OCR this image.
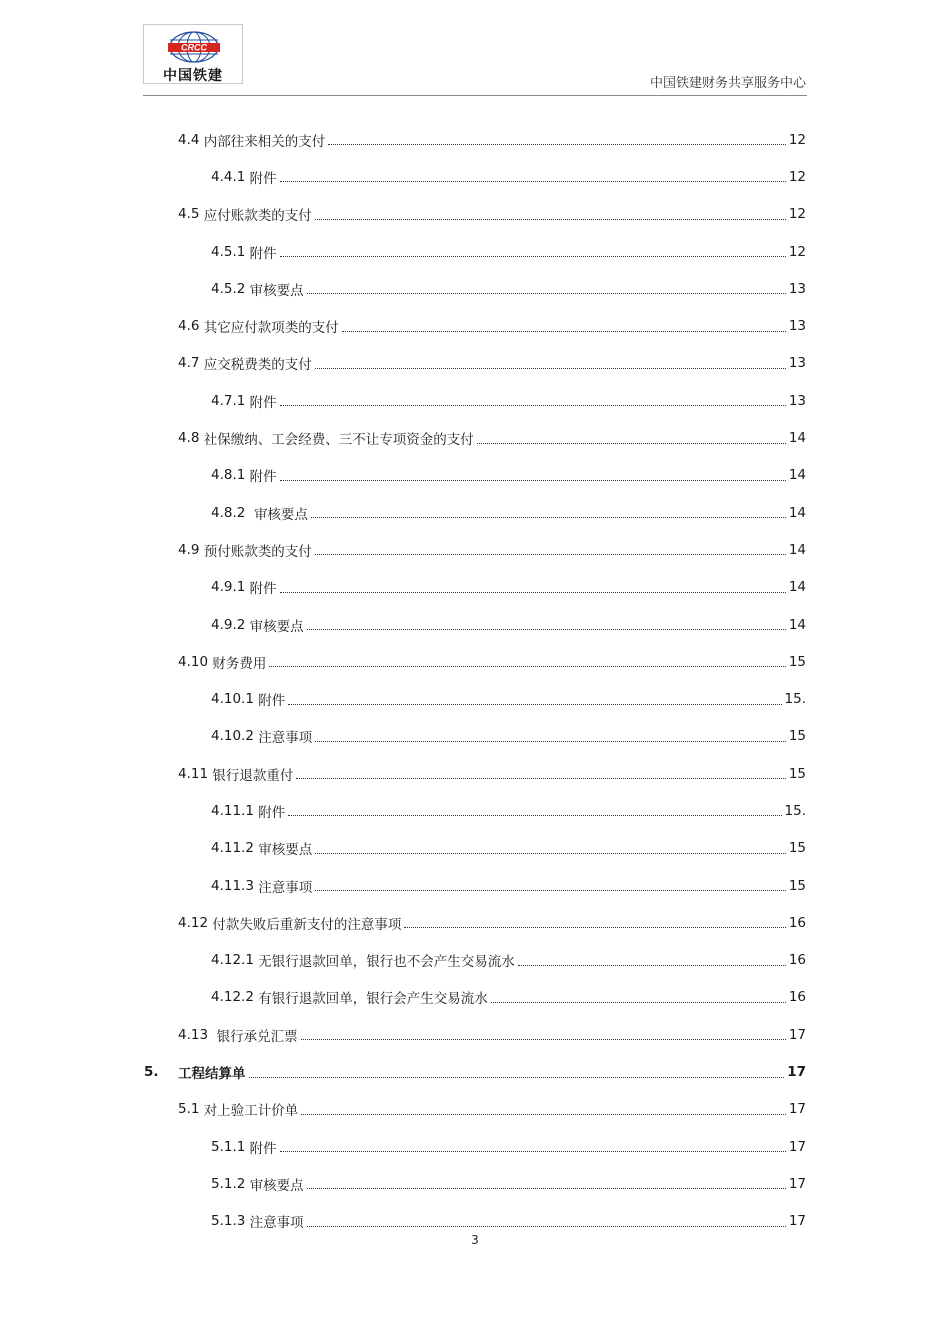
CRCC
中国铁建	中国铁建财务共享服务中心
4.4 内部往来相关的支付	12
4.4.1 附件	12
4.5 应付账款类的支付	12
4.5.1 附件	12
4.5.2 审核要点	13
4.6 其它应付款项类的支付	13
4.7 应交税费类的支付	13
4.7.1 附件	13
4.8 社保缴纳、工会经费、三不让专项资金的支付	14
4.8.1 附件	14
4.8.2 审核要点	14
4.9 预付账款类的支付	14
4.9.1 附件	14
4.9.2 审核要点	14
4.10 财务费用	15
4.10.1 附件	15.
4.10.2 注意事项	15
4.11 银行退款重付	15
4.11.1 附件	15.
4.11.2 审核要点	15
4.11.3 注意事项	15
4.12 付款失败后重新支付的注意事项	16
4.12.1 无银行退款回单，银行也不会产生交易流水	16
4.12.2 有银行退款回单，银行会产生交易流水	16
4.13 银行承兑汇票	17
5.	工程结算单	17
5.1 对上验工计价单	17
5.1.1 附件	17
5.1.2 审核要点	17
5.1.3 注意事项	17
3
